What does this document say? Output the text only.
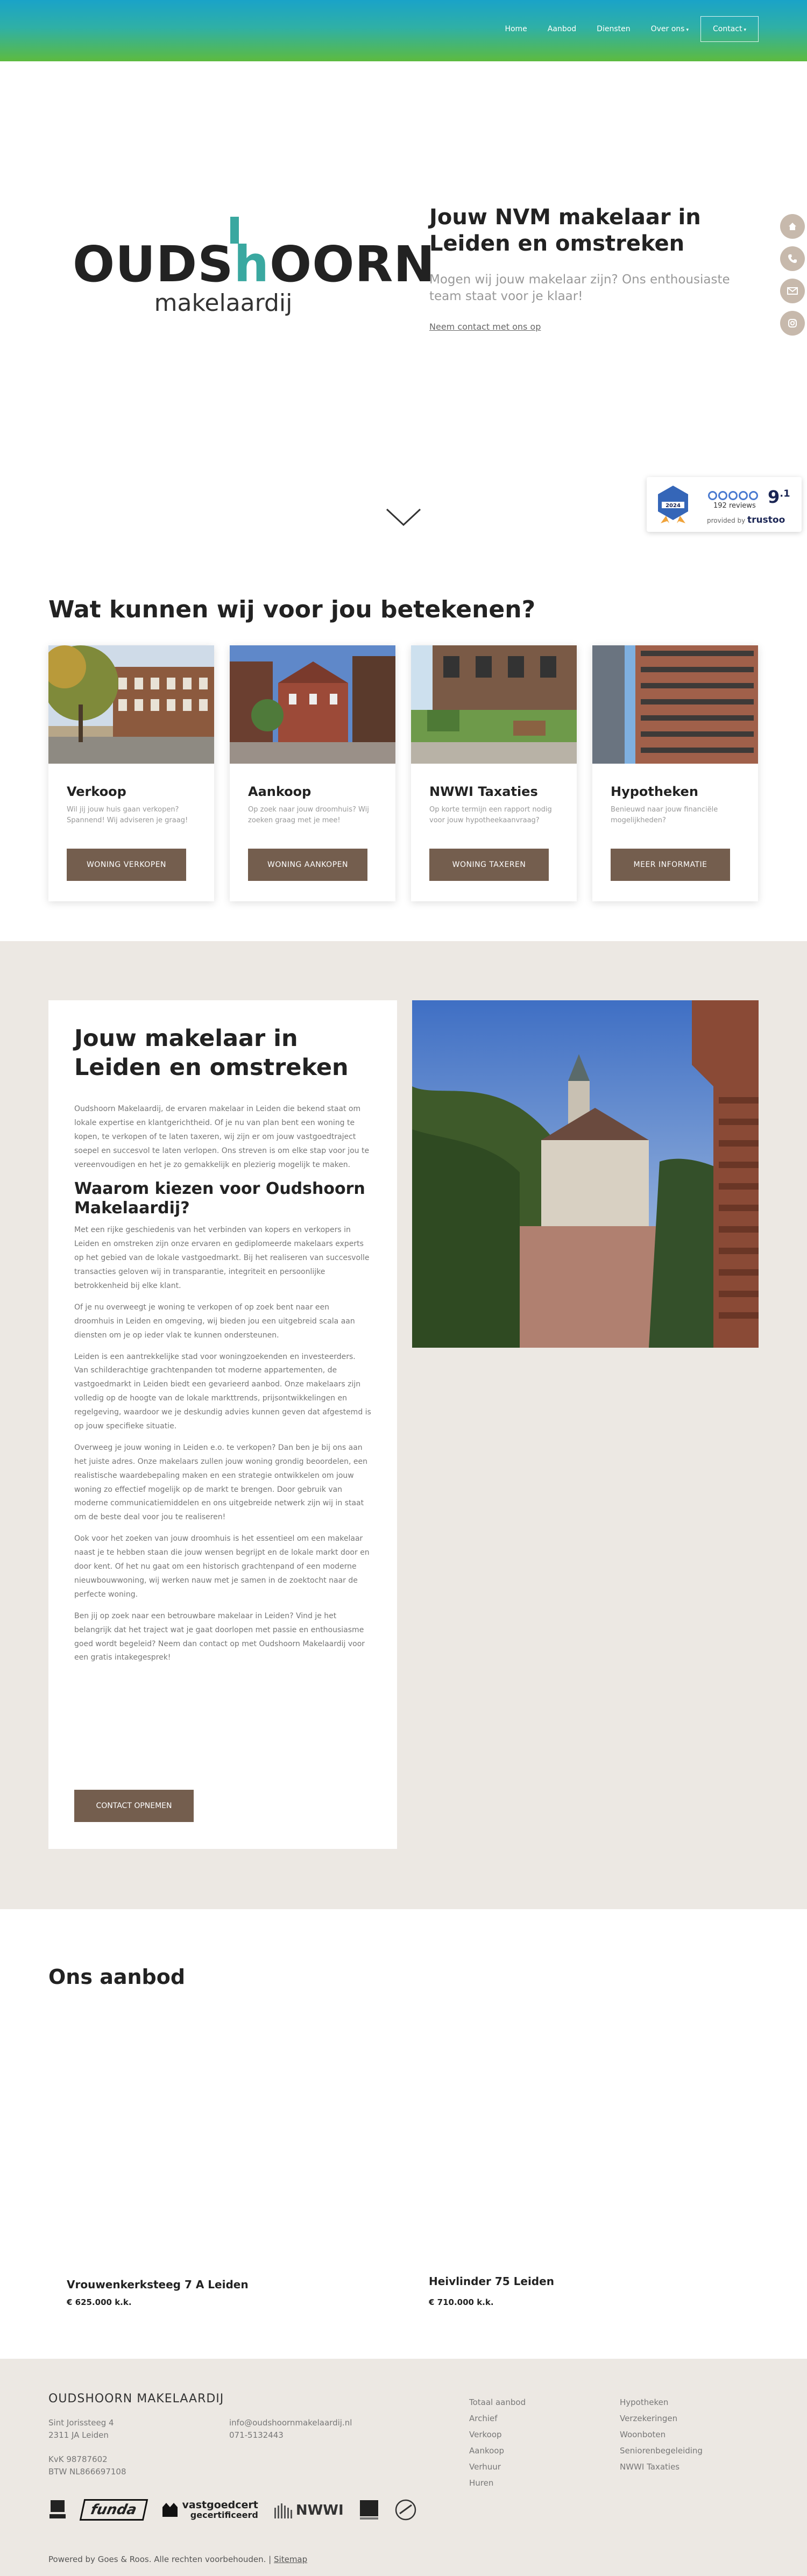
Home	Aanbod	Diensten	Over ons ▾	Contact ▾
OUDShOORN
makelaardij
Jouw NVM makelaar in Leiden en omstreken
Mogen wij jouw makelaar zijn? Ons enthousiaste team staat voor je klaar!
Neem contact met ons op
2024	192 reviews $9^{.1}$
provided by trustoo
Wat kunnen wij voor jou betekenen?
Verkoop
Wil jij jouw huis gaan verkopen? Spannend! Wij adviseren je graag!
WONING VERKOPEN
Aankoop
Op zoek naar jouw droomhuis? Wij zoeken graag met je mee!
WONING AANKOPEN
NWWI Taxaties
Op korte termijn een rapport nodig voor jouw hypotheekaanvraag?
WONING TAXEREN
Hypotheken
Benieuwd naar jouw financiële mogelijkheden?
MEER INFORMATIE
Jouw makelaar in Leiden en omstreken

Oudshoorn Makelaardij, de ervaren makelaar in Leiden die bekend staat om lokale expertise en klantgerichtheid. Of je nu van plan bent een woning te kopen, te verkopen of te laten taxeren, wij zijn er om jouw vastgoedtraject soepel en succesvol te laten verlopen. Ons streven is om elke stap voor jou te vereenvoudigen en het je zo gemakkelijk en plezierig mogelijk te maken.

Waarom kiezen voor Oudshoorn Makelaardij?

Met een rijke geschiedenis van het verbinden van kopers en verkopers in Leiden en omstreken zijn onze ervaren en gediplomeerde makelaars experts op het gebied van de lokale vastgoedmarkt. Bij het realiseren van succesvolle transacties geloven wij in transparantie, integriteit en persoonlijke betrokkenheid bij elke klant.

Of je nu overweegt je woning te verkopen of op zoek bent naar een droomhuis in Leiden en omgeving, wij bieden jou een uitgebreid scala aan diensten om je op ieder vlak te kunnen ondersteunen.

Leiden is een aantrekkelijke stad voor woningzoekenden en investeerders. Van schilderachtige grachtenpanden tot moderne appartementen, de vastgoedmarkt in Leiden biedt een gevarieerd aanbod. Onze makelaars zijn volledig op de hoogte van de lokale markttrends, prijsontwikkelingen en regelgeving, waardoor we je deskundig advies kunnen geven dat afgestemd is op jouw specifieke situatie.

Overweeg je jouw woning in Leiden e.o. te verkopen? Dan ben je bij ons aan het juiste adres. Onze makelaars zullen jouw woning grondig beoordelen, een realistische waardebepaling maken en een strategie ontwikkelen om jouw woning zo effectief mogelijk op de markt te brengen. Door gebruik van moderne communicatiemiddelen en ons uitgebreide netwerk zijn wij in staat om de beste deal voor jou te realiseren!

Ook voor het zoeken van jouw droomhuis is het essentieel om een makelaar naast je te hebben staan die jouw wensen begrijpt en de lokale markt door en door kent. Of het nu gaat om een historisch grachtenpand of een moderne nieuwbouwwoning, wij werken nauw met je samen in de zoektocht naar de perfecte woning.

Ben jij op zoek naar een betrouwbare makelaar in Leiden? Vind je het belangrijk dat het traject wat je gaat doorlopen met passie en enthousiasme goed wordt begeleid? Neem dan contact op met Oudshoorn Makelaardij voor een gratis intakegesprek!

CONTACT OPNEMEN
Ons aanbod
Vrouwenkerksteeg 7 A Leiden
€ 625.000 k.k.
Heivlinder 75 Leiden
€ 710.000 k.k.
OUDSHOORN MAKELAARDIJ
Sint Jorissteeg 4
2311 JA Leiden
KvK 98787602
BTW NL866697108
info@oudshoornmakelaardij.nl
071-5132443
Totaal aanbod
Archief
Verkoop
Aankoop
Verhuur
Huren
Hypotheken
Verzekeringen
Woonboten
Seniorenbegeleiding
NWWI Taxaties
funda	vastgoedcert
gecertificeerd	NWWI
Powered by Goes & Roos. Alle rechten voorbehouden. | Sitemap
